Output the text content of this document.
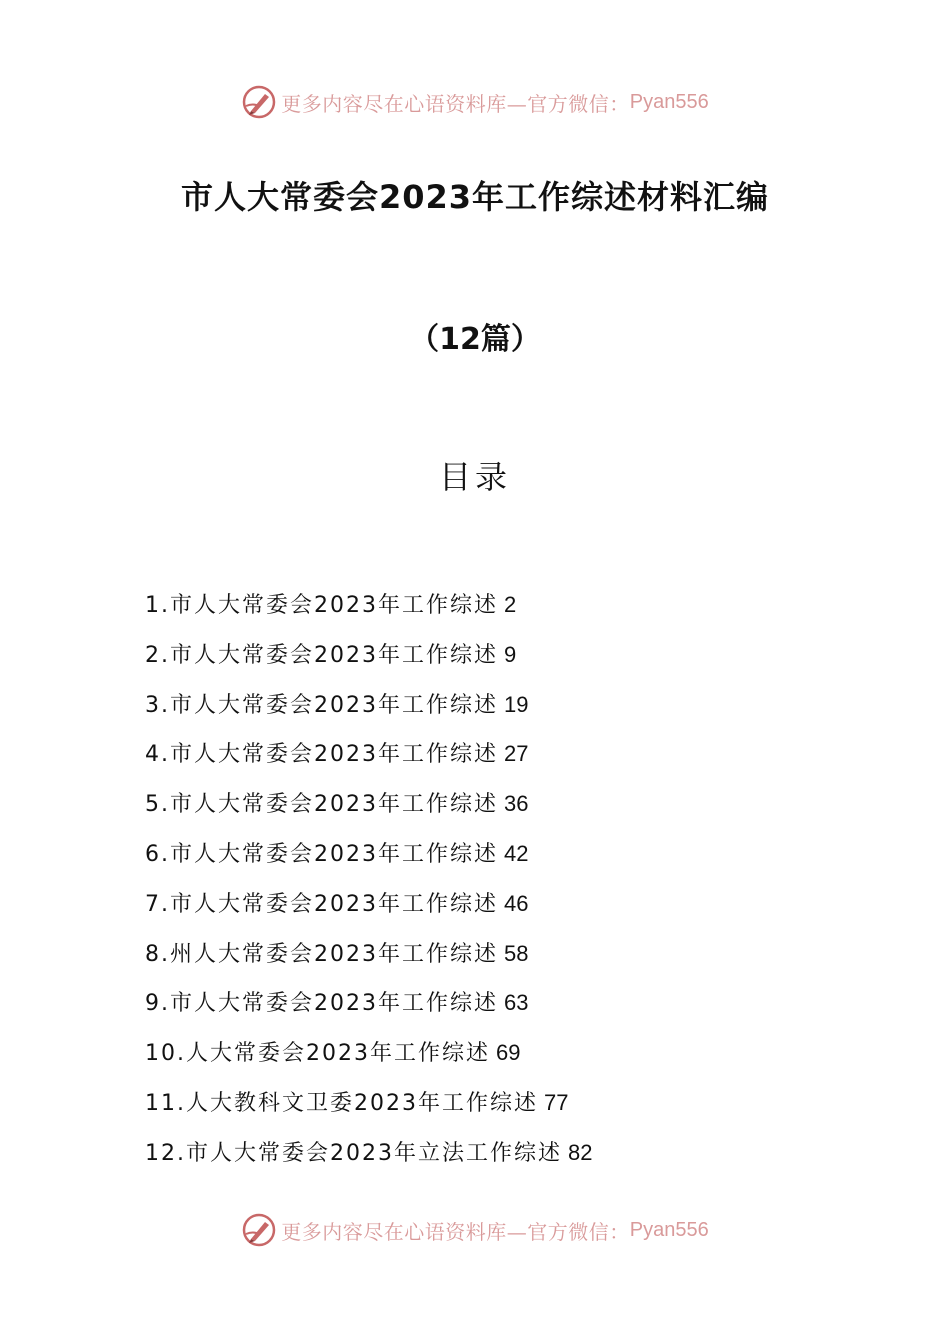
更多内容尽在心语资料库—官方微信： Pyan556
市人大常委会2023年工作综述材料汇编
（12篇）
目录
1.市人大常委会2023年工作综述 2
2.市人大常委会2023年工作综述 9
3.市人大常委会2023年工作综述 19
4.市人大常委会2023年工作综述 27
5.市人大常委会2023年工作综述 36
6.市人大常委会2023年工作综述 42
7.市人大常委会2023年工作综述 46
8.州人大常委会2023年工作综述 58
9.市人大常委会2023年工作综述 63
10.人大常委会2023年工作综述 69
11.人大教科文卫委2023年工作综述 77
12.市人大常委会2023年立法工作综述 82
更多内容尽在心语资料库—官方微信： Pyan556
